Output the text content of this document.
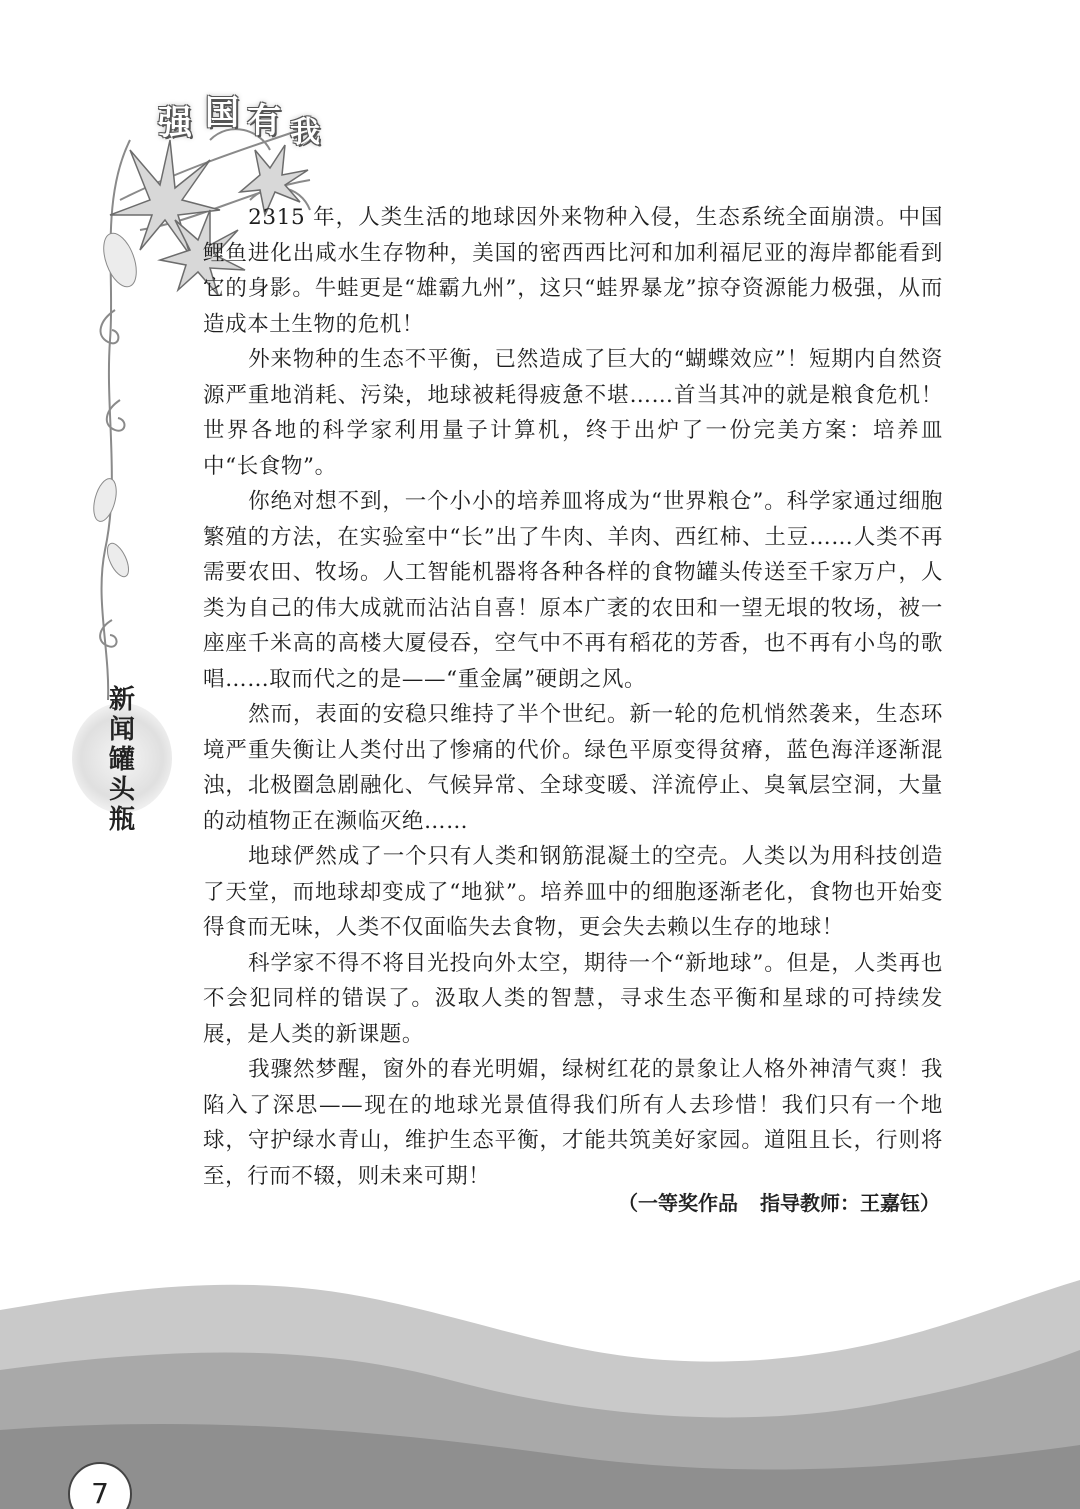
强 国 有 我
新
闻
罐
头
瓶

2315 年，人类生活的地球因外来物种入侵，生态系统全面崩溃。中国鲤鱼进化出咸水生存物种，美国的密西西比河和加利福尼亚的海岸都能看到它的身影。牛蛙更是“雄霸九州”，这只“蛙界暴龙”掠夺资源能力极强，从而造成本土生物的危机！

外来物种的生态不平衡，已然造成了巨大的“蝴蝶效应”！短期内自然资源严重地消耗、污染，地球被耗得疲惫不堪……首当其冲的就是粮食危机！世界各地的科学家利用量子计算机，终于出炉了一份完美方案：培养皿中“长食物”。

你绝对想不到，一个小小的培养皿将成为“世界粮仓”。科学家通过细胞繁殖的方法，在实验室中“长”出了牛肉、羊肉、西红柿、土豆……人类不再需要农田、牧场。人工智能机器将各种各样的食物罐头传送至千家万户，人类为自己的伟大成就而沾沾自喜！原本广袤的农田和一望无垠的牧场，被一座座千米高的高楼大厦侵吞，空气中不再有稻花的芳香，也不再有小鸟的歌唱……取而代之的是——“重金属”硬朗之风。

然而，表面的安稳只维持了半个世纪。新一轮的危机悄然袭来，生态环境严重失衡让人类付出了惨痛的代价。绿色平原变得贫瘠，蓝色海洋逐渐混浊，北极圈急剧融化、气候异常、全球变暖、洋流停止、臭氧层空洞，大量的动植物正在濒临灭绝……

地球俨然成了一个只有人类和钢筋混凝土的空壳。人类以为用科技创造了天堂，而地球却变成了“地狱”。培养皿中的细胞逐渐老化，食物也开始变得食而无味，人类不仅面临失去食物，更会失去赖以生存的地球！

科学家不得不将目光投向外太空，期待一个“新地球”。但是，人类再也不会犯同样的错误了。汲取人类的智慧，寻求生态平衡和星球的可持续发展，是人类的新课题。

我骤然梦醒，窗外的春光明媚，绿树红花的景象让人格外神清气爽！我陷入了深思——现在的地球光景值得我们所有人去珍惜！我们只有一个地球，守护绿水青山，维护生态平衡，才能共筑美好家园。道阻且长，行则将至，行而不辍，则未来可期！

（一等奖作品 指导教师：王嘉钰）
7
